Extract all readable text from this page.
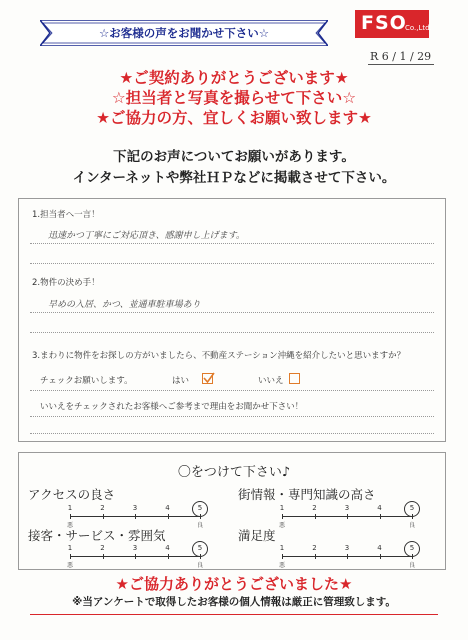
☆お客様の声をお聞かせ下さい☆	FSO
Co.,Ltd.
R 6 / 1 / 29
★ご契約ありがとうございます★
☆担当者と写真を撮らせて下さい☆
★ご協力の方、宜しくお願い致します★
下記のお声についてお願いがあります。
インターネットや弊社ＨＰなどに掲載させて下さい。
1.担当者へ一言！
迅速かつ丁寧にご対応頂き、感謝申し上げます。
2.物件の決め手！
早めの入居、かつ、並通車駐車場あり
3.まわりに物件をお探しの方がいましたら、不動産ステーション沖縄を紹介したいと思いますか？
チェックお願いします。	はい	いいえ
いいえをチェックされたお客様へご参考まで理由をお聞かせ下さい！
〇をつけて下さい♪
アクセスの良さ	街情報・専門知識の高さ
接客・サービス・雰囲気	満足度
1	2	3	4	5
悪	良
1	2	3	4	5
悪	良
1	2	3	4	5
悪	良
1	2	3	4	5
悪	良
★ご協力ありがとうございました★
※当アンケートで取得したお客様の個人情報は厳正に管理致します。
